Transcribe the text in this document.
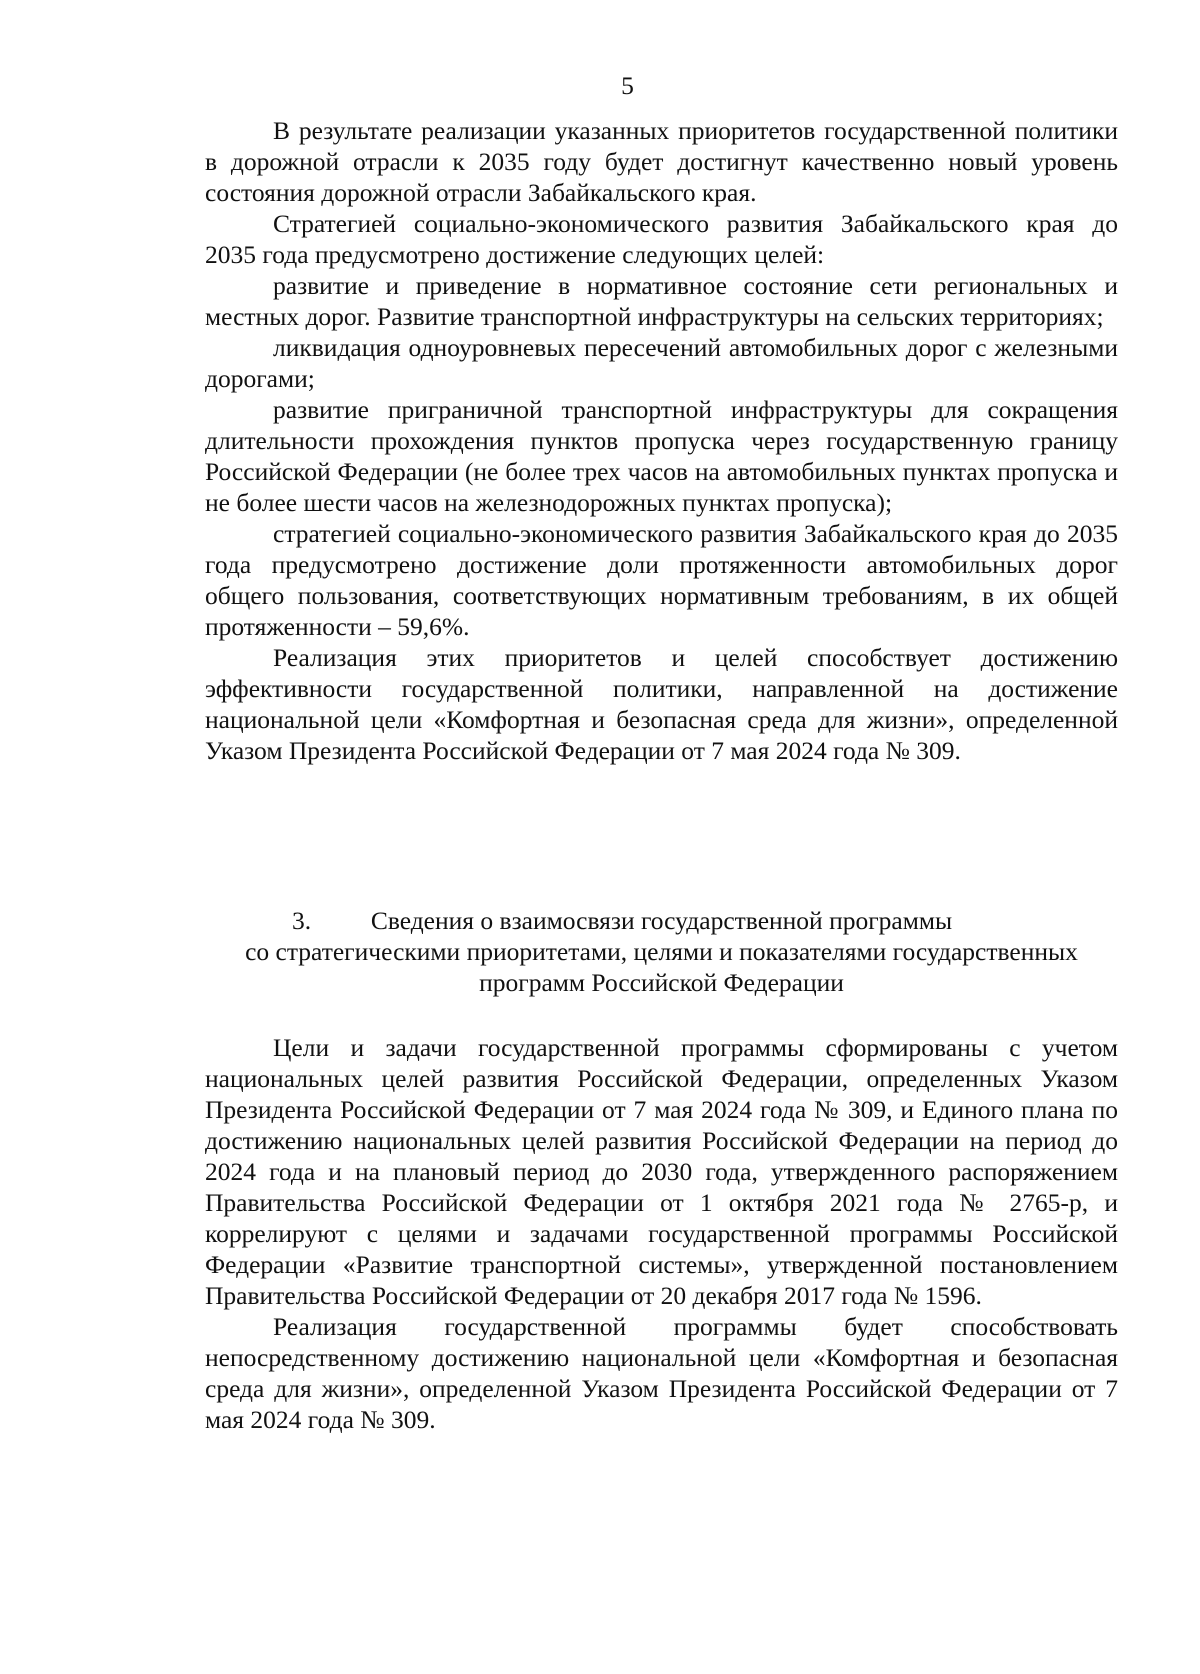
5

В результате реализации указанных приоритетов государственной политики в дорожной отрасли к 2035 году будет достигнут качественно новый уровень состояния дорожной отрасли Забайкальского края.

Стратегией социально-экономического развития Забайкальского края до 2035 года предусмотрено достижение следующих целей:

развитие и приведение в нормативное состояние сети региональных и местных дорог. Развитие транспортной инфраструктуры на сельских территориях;

ликвидация одноуровневых пересечений автомобильных дорог с железными дорогами;

развитие приграничной транспортной инфраструктуры для сокращения длительности прохождения пунктов пропуска через государственную границу Российской Федерации (не более трех часов на автомобильных пунктах пропуска и не более шести часов на железнодорожных пунктах пропуска);

стратегией социально-экономического развития Забайкальского края до 2035 года предусмотрено достижение доли протяженности автомобильных дорог общего пользования, соответствующих нормативным требованиям, в их общей протяженности – 59,6%.

Реализация этих приоритетов и целей способствует достижению эффективности государственной политики, направленной на достижение национальной цели «Комфортная и безопасная среда для жизни», определенной Указом Президента Российской Федерации от 7 мая 2024 года № 309.

3.	Сведения о взаимосвязи государственной программы
со стратегическими приоритетами, целями и показателями государственных
программ Российской Федерации

Цели и задачи государственной программы сформированы с учетом национальных целей развития Российской Федерации, определенных Указом Президента Российской Федерации от 7 мая 2024 года № 309, и Единого плана по достижению национальных целей развития Российской Федерации на период до 2024 года и на плановый период до 2030 года, утвержденного распоряжением Правительства Российской Федерации от 1 октября 2021 года № 2765-р, и коррелируют с целями и задачами государственной программы Российской Федерации «Развитие транспортной системы», утвержденной постановлением Правительства Российской Федерации от 20 декабря 2017 года № 1596.

Реализация государственной программы будет способствовать непосредственному достижению национальной цели «Комфортная и безопасная среда для жизни», определенной Указом Президента Российской Федерации от 7 мая 2024 года № 309.
